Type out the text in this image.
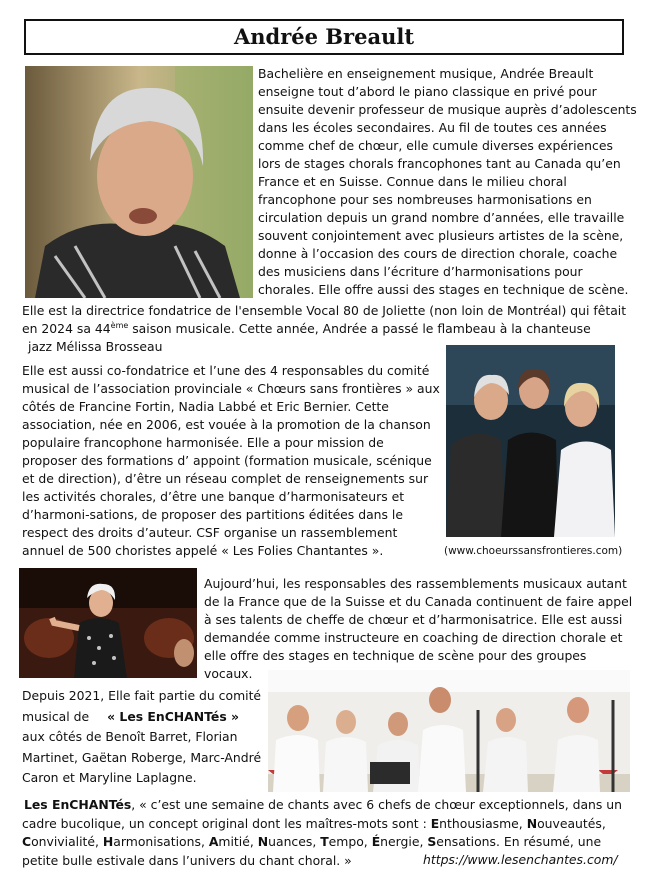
Andrée Breault

Bachelière en enseignement musique, Andrée Breault enseigne tout d’abord le piano classique en privé pour ensuite devenir professeur de musique auprès d’adolescents dans les écoles secondaires. Au fil de toutes ces années comme chef de chœur, elle cumule diverses expériences lors de stages chorals francophones tant au Canada qu’en France et en Suisse. Connue dans le milieu choral francophone pour ses nombreuses harmonisations en circulation depuis un grand nombre d’années, elle travaille souvent conjointement avec plusieurs artistes de la scène, donne à l’occasion des cours de direction chorale, coache des musiciens dans l’écriture d’harmonisations pour chorales. Elle offre aussi des stages en technique de scène.

Elle est la directrice fondatrice de l'ensemble Vocal 80 de Joliette (non loin de Montréal) qui fêtait en 2024 sa 44ème saison musicale. Cette année, Andrée a passé le flambeau à la chanteuse

jazz Mélissa Brosseau

Elle est aussi co-fondatrice et l’une des 4 responsables du comité musical de l’association provinciale « Chœurs sans frontières » aux côtés de Francine Fortin, Nadia Labbé et Eric Bernier. Cette association, née en 2006, est vouée à la promotion de la chanson populaire francophone harmonisée. Elle a pour mission de proposer des formations d’ appoint (formation musicale, scénique et de direction), d’être un réseau complet de renseignements sur les activités chorales, d’être une banque d’harmonisateurs et d’harmoni-sations, de proposer des partitions éditées dans le respect des droits d’auteur. CSF organise un rassemblement annuel de 500 choristes appelé « Les Folies Chantantes ».	(www.choeurssansfrontieres.com)

Aujourd’hui, les responsables des rassemblements musicaux autant de la France que de la Suisse et du Canada continuent de faire appel à ses talents de cheffe de chœur et d’harmonisatrice. Elle est aussi demandée comme instructeure en coaching de direction chorale et elle offre des stages en technique de scène pour des groupes vocaux.

Depuis 2021, Elle fait partie du comité

musical de « Les EnCHANTés »

aux côtés de Benoît Barret, Florian

Martinet, Gaëtan Roberge, Marc-André

Caron et Maryline Laplagne.

Les EnCHANTés, « c’est une semaine de chants avec 6 chefs de chœur exceptionnels, dans un cadre bucolique, un concept original dont les maîtres-mots sont : Enthousiasme, Nouveautés, Convivialité, Harmonisations, Amitié, Nuances, Tempo, Énergie, Sensations. En résumé, une petite bulle estivale dans l’univers du chant choral. »	https://www.lesenchantes.com/
